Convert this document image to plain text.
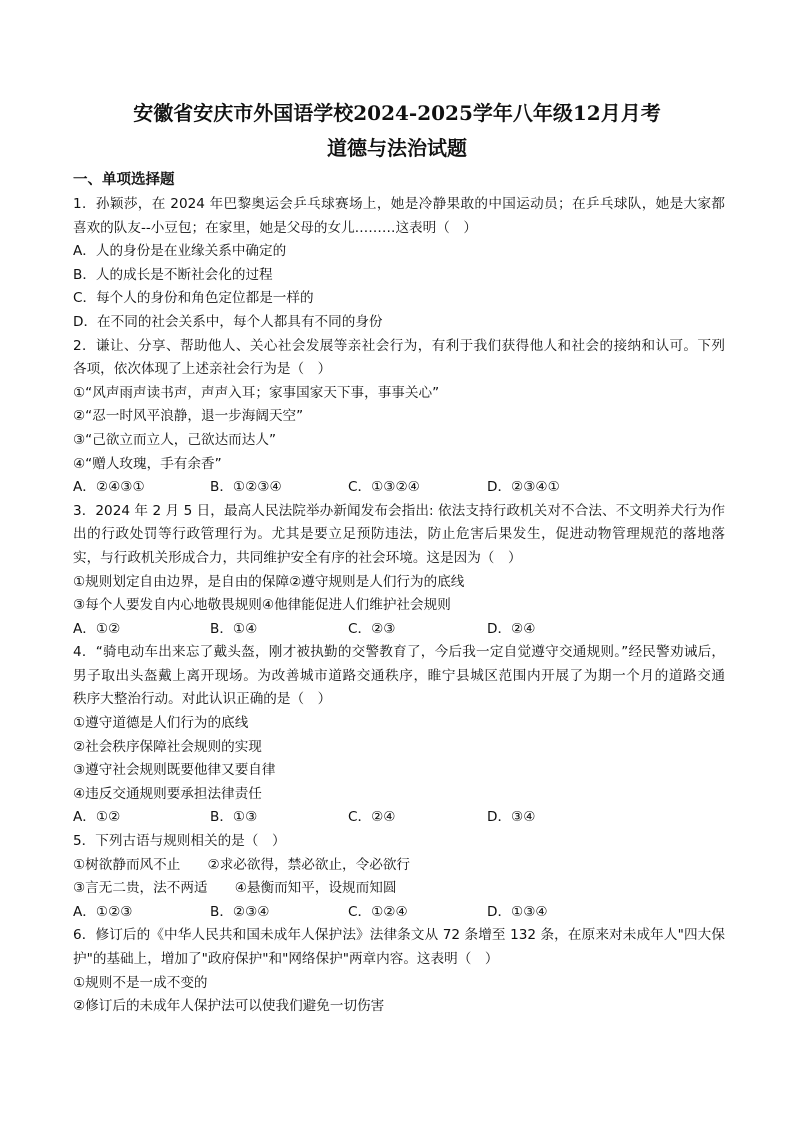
安徽省安庆市外国语学校2024-2025学年八年级12月月考
道德与法治试题
一、单项选择题
1．孙颖莎，在 2024 年巴黎奥运会乒乓球赛场上，她是冷静果敢的中国运动员；在乒乓球队，她是大家都
喜欢的队友--小豆包；在家里，她是父母的女儿………这表明（　）
A．人的身份是在业缘关系中确定的
B．人的成长是不断社会化的过程
C．每个人的身份和角色定位都是一样的
D．在不同的社会关系中，每个人都具有不同的身份
2．谦让、分享、帮助他人、关心社会发展等亲社会行为，有利于我们获得他人和社会的接纳和认可。下列
各项，依次体现了上述亲社会行为是（　）
①“风声雨声读书声，声声入耳；家事国家天下事，事事关心”
②“忍一时风平浪静，退一步海阔天空”
③“己欲立而立人，己欲达而达人”
④“赠人玫瑰，手有余香”
A．②④③①	B．①②③④	C．①③②④	D．②③④①
3．2024 年 2 月 5 日，最高人民法院举办新闻发布会指出: 依法支持行政机关对不合法、不文明养犬行为作
出的行政处罚等行政管理行为。尤其是要立足预防违法，防止危害后果发生，促进动物管理规范的落地落
实，与行政机关形成合力，共同维护安全有序的社会环境。这是因为（　）
①规则划定自由边界，是自由的保障②遵守规则是人们行为的底线
③每个人要发自内心地敬畏规则④他律能促进人们维护社会规则
A．①②	B．①④	C．②③	D．②④
4．“骑电动车出来忘了戴头盔，刚才被执勤的交警教育了，今后我一定自觉遵守交通规则。”经民警劝诫后，
男子取出头盔戴上离开现场。为改善城市道路交通秩序，睢宁县城区范围内开展了为期一个月的道路交通
秩序大整治行动。对此认识正确的是（　）
①遵守道德是人们行为的底线
②社会秩序保障社会规则的实现
③遵守社会规则既要他律又要自律
④违反交通规则要承担法律责任
A．①②	B．①③	C．②④	D．③④
5．下列古语与规则相关的是（　）
①树欲静而风不止　　②求必欲得，禁必欲止，令必欲行
③言无二贵，法不两适　　④悬衡而知平，设规而知圆
A．①②③	B．②③④	C．①②④	D．①③④
6．修订后的《中华人民共和国未成年人保护法》法律条文从 72 条增至 132 条，在原来对未成年人"四大保
护"的基础上，增加了"政府保护"和"网络保护"两章内容。这表明（　）
①规则不是一成不变的
②修订后的未成年人保护法可以使我们避免一切伤害
